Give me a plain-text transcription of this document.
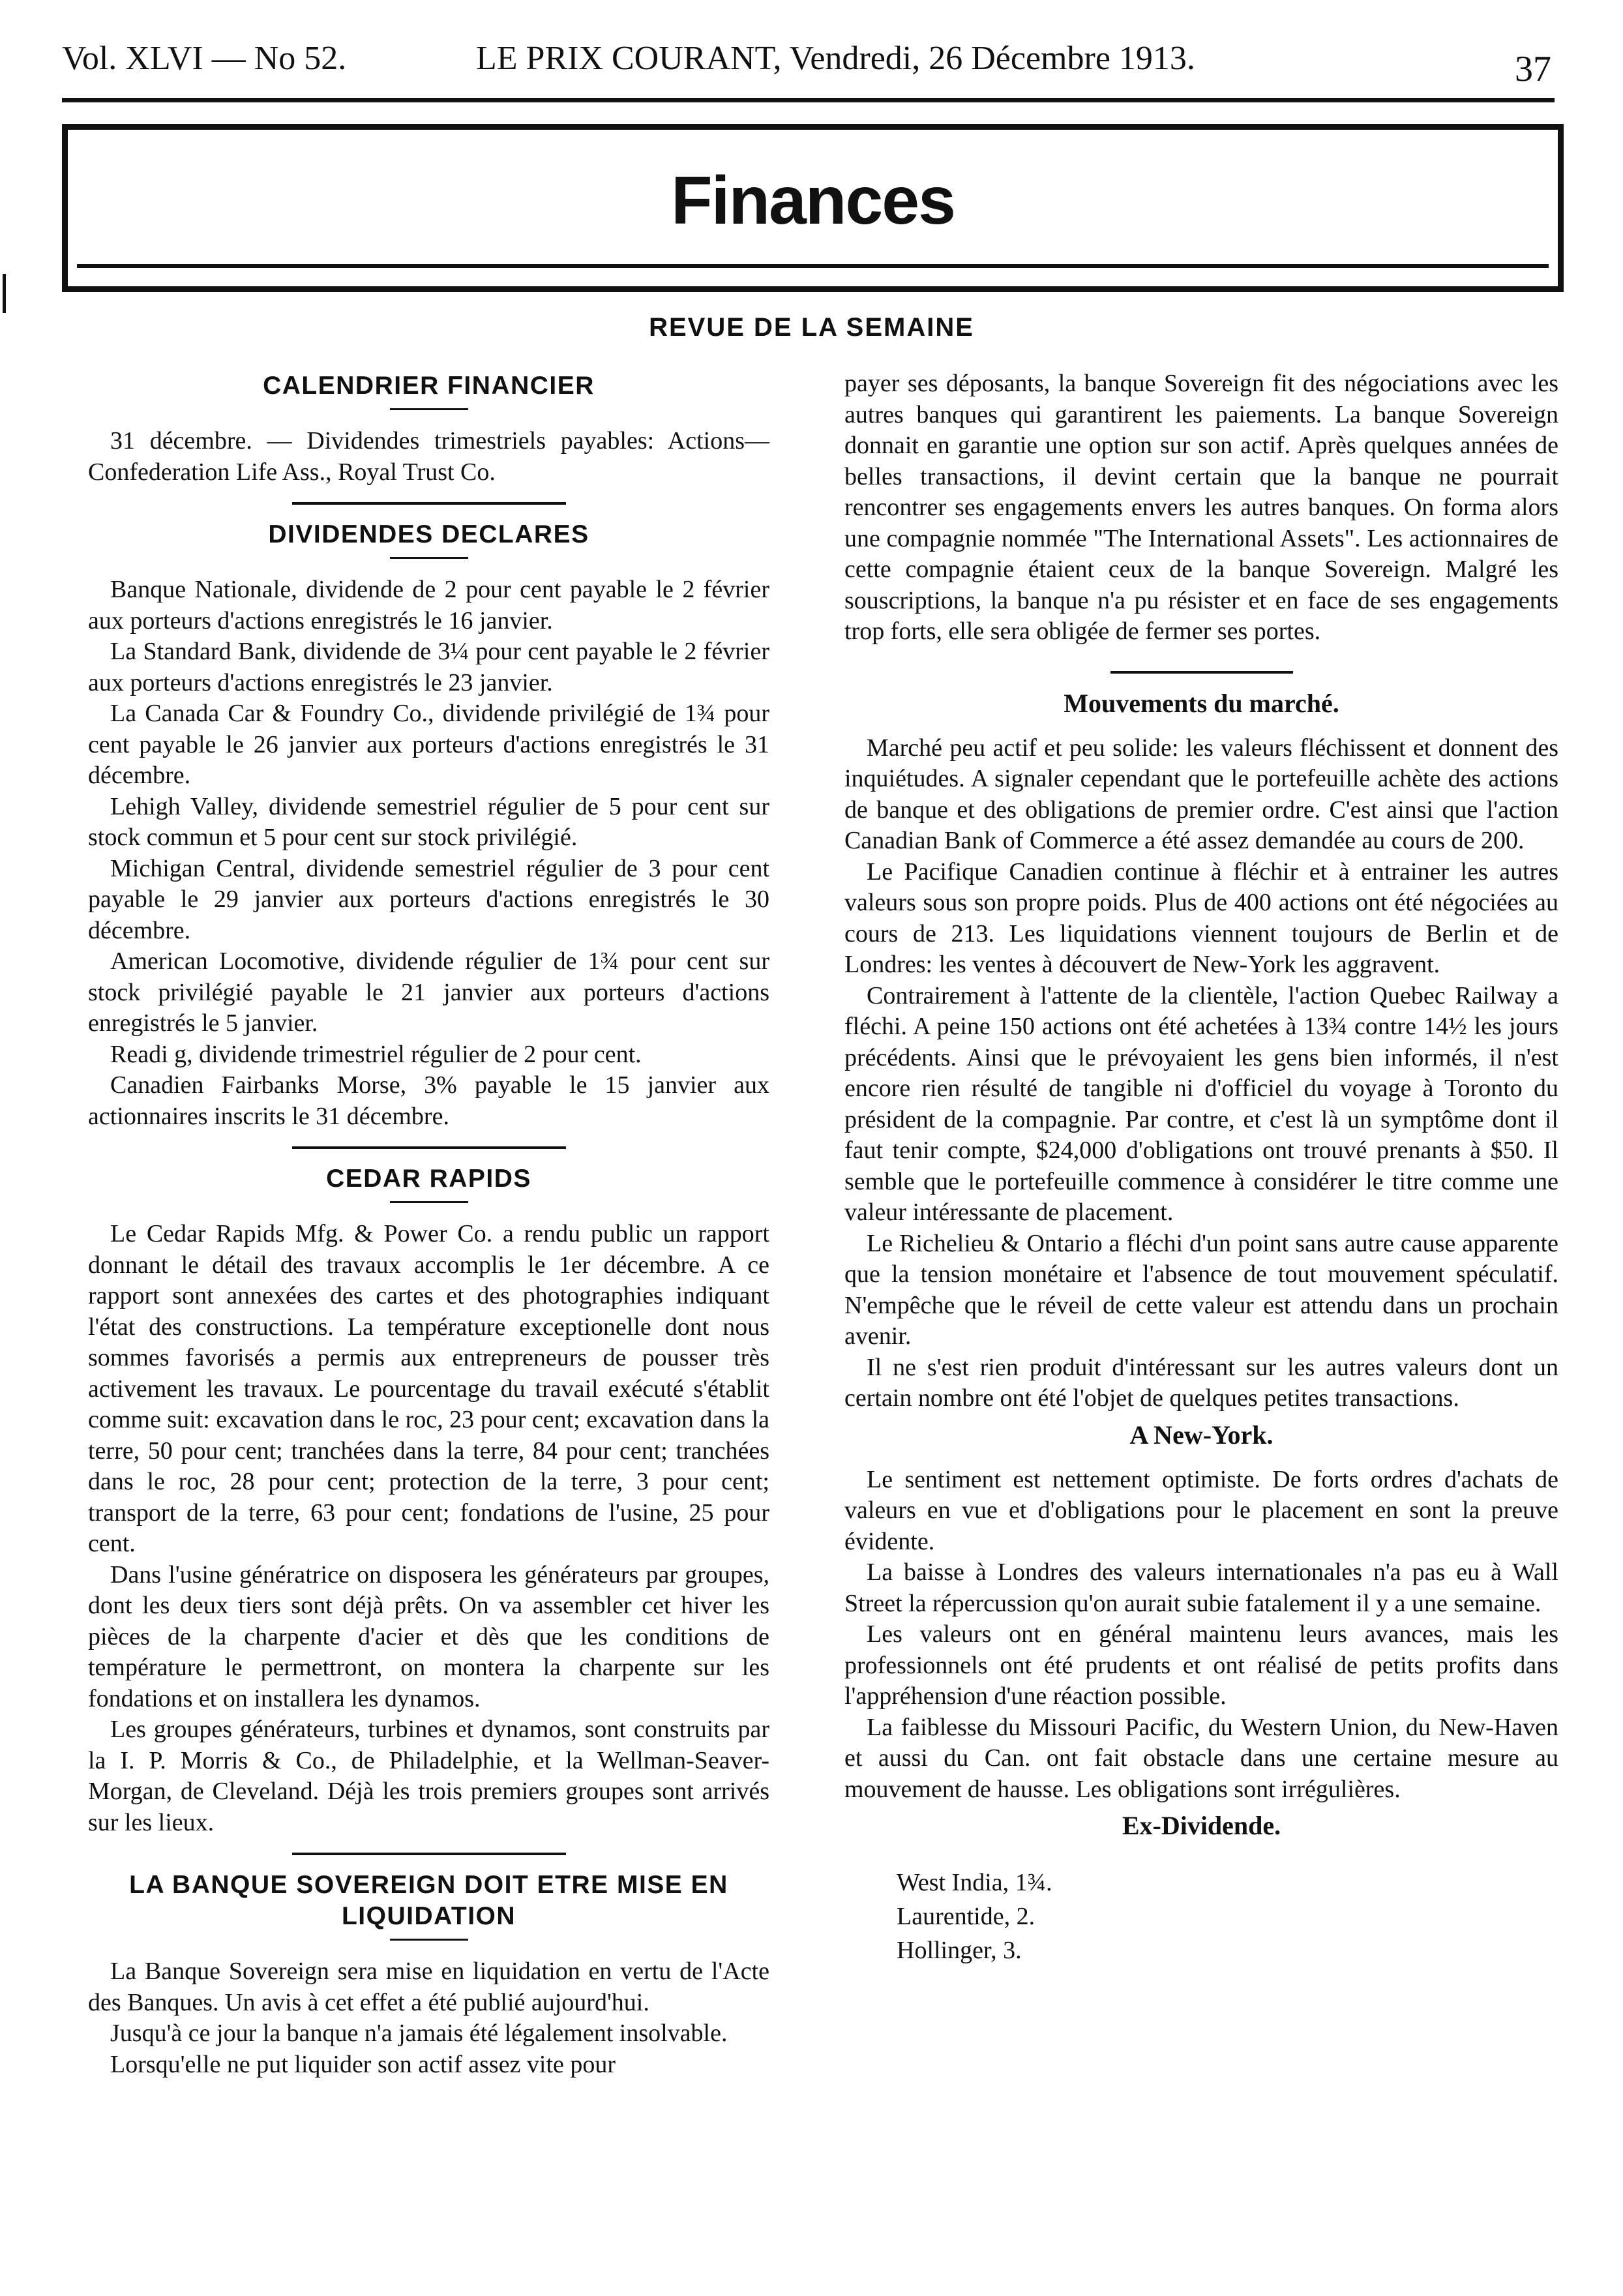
Vol. XLVI — No 52.	LE PRIX COURANT, Vendredi, 26 Décembre 1913.	37
Finances
REVUE DE LA SEMAINE
CALENDRIER FINANCIER

31 décembre. — Dividendes trimestriels payables: Actions—Confederation Life Ass., Royal Trust Co.

DIVIDENDES DECLARES

Banque Nationale, dividende de 2 pour cent payable le 2 février aux porteurs d'actions enregistrés le 16 janvier.

La Standard Bank, dividende de 3¼ pour cent payable le 2 février aux porteurs d'actions enregistrés le 23 janvier.

La Canada Car & Foundry Co., dividende privilégié de 1¾ pour cent payable le 26 janvier aux porteurs d'actions enregistrés le 31 décembre.

Lehigh Valley, dividende semestriel régulier de 5 pour cent sur stock commun et 5 pour cent sur stock privilégié.

Michigan Central, dividende semestriel régulier de 3 pour cent payable le 29 janvier aux porteurs d'actions enregistrés le 30 décembre.

American Locomotive, dividende régulier de 1¾ pour cent sur stock privilégié payable le 21 janvier aux porteurs d'actions enregistrés le 5 janvier.

Readi g, dividende trimestriel régulier de 2 pour cent.

Canadien Fairbanks Morse, 3% payable le 15 janvier aux actionnaires inscrits le 31 décembre.

CEDAR RAPIDS

Le Cedar Rapids Mfg. & Power Co. a rendu public un rapport donnant le détail des travaux accomplis le 1er décembre. A ce rapport sont annexées des cartes et des photographies indiquant l'état des constructions. La température exceptionelle dont nous sommes favorisés a permis aux entrepreneurs de pousser très activement les travaux. Le pourcentage du travail exécuté s'établit comme suit: excavation dans le roc, 23 pour cent; excavation dans la terre, 50 pour cent; tranchées dans la terre, 84 pour cent; tranchées dans le roc, 28 pour cent; protection de la terre, 3 pour cent; transport de la terre, 63 pour cent; fondations de l'usine, 25 pour cent.

Dans l'usine génératrice on disposera les générateurs par groupes, dont les deux tiers sont déjà prêts. On va assembler cet hiver les pièces de la charpente d'acier et dès que les conditions de température le permettront, on montera la charpente sur les fondations et on installera les dynamos.

Les groupes générateurs, turbines et dynamos, sont construits par la I. P. Morris & Co., de Philadelphie, et la Wellman-Seaver-Morgan, de Cleveland. Déjà les trois premiers groupes sont arrivés sur les lieux.

LA BANQUE SOVEREIGN DOIT ETRE MISE EN LIQUIDATION

La Banque Sovereign sera mise en liquidation en vertu de l'Acte des Banques. Un avis à cet effet a été publié aujourd'hui.

Jusqu'à ce jour la banque n'a jamais été légalement insolvable.

Lorsqu'elle ne put liquider son actif assez vite pour

payer ses déposants, la banque Sovereign fit des négociations avec les autres banques qui garantirent les paiements. La banque Sovereign donnait en garantie une option sur son actif. Après quelques années de belles transactions, il devint certain que la banque ne pourrait rencontrer ses engagements envers les autres banques. On forma alors une compagnie nommée "The International Assets". Les actionnaires de cette compagnie étaient ceux de la banque Sovereign. Malgré les souscriptions, la banque n'a pu résister et en face de ses engagements trop forts, elle sera obligée de fermer ses portes.

Mouvements du marché.

Marché peu actif et peu solide: les valeurs fléchissent et donnent des inquiétudes. A signaler cependant que le portefeuille achète des actions de banque et des obligations de premier ordre. C'est ainsi que l'action Canadian Bank of Commerce a été assez demandée au cours de 200.

Le Pacifique Canadien continue à fléchir et à entrainer les autres valeurs sous son propre poids. Plus de 400 actions ont été négociées au cours de 213. Les liquidations viennent toujours de Berlin et de Londres: les ventes à découvert de New-York les aggravent.

Contrairement à l'attente de la clientèle, l'action Quebec Railway a fléchi. A peine 150 actions ont été achetées à 13¾ contre 14½ les jours précédents. Ainsi que le prévoyaient les gens bien informés, il n'est encore rien résulté de tangible ni d'officiel du voyage à Toronto du président de la compagnie. Par contre, et c'est là un symptôme dont il faut tenir compte, $24,000 d'obligations ont trouvé prenants à $50. Il semble que le portefeuille commence à considérer le titre comme une valeur intéressante de placement.

Le Richelieu & Ontario a fléchi d'un point sans autre cause apparente que la tension monétaire et l'absence de tout mouvement spéculatif. N'empêche que le réveil de cette valeur est attendu dans un prochain avenir.

Il ne s'est rien produit d'intéressant sur les autres valeurs dont un certain nombre ont été l'objet de quelques petites transactions.

A New-York.

Le sentiment est nettement optimiste. De forts ordres d'achats de valeurs en vue et d'obligations pour le placement en sont la preuve évidente.

La baisse à Londres des valeurs internationales n'a pas eu à Wall Street la répercussion qu'on aurait subie fatalement il y a une semaine.

Les valeurs ont en général maintenu leurs avances, mais les professionnels ont été prudents et ont réalisé de petits profits dans l'appréhension d'une réaction possible.

La faiblesse du Missouri Pacific, du Western Union, du New-Haven et aussi du Can. ont fait obstacle dans une certaine mesure au mouvement de hausse. Les obligations sont irrégulières.

Ex-Dividende.
West India, 1¾.
Laurentide, 2.
Hollinger, 3.
